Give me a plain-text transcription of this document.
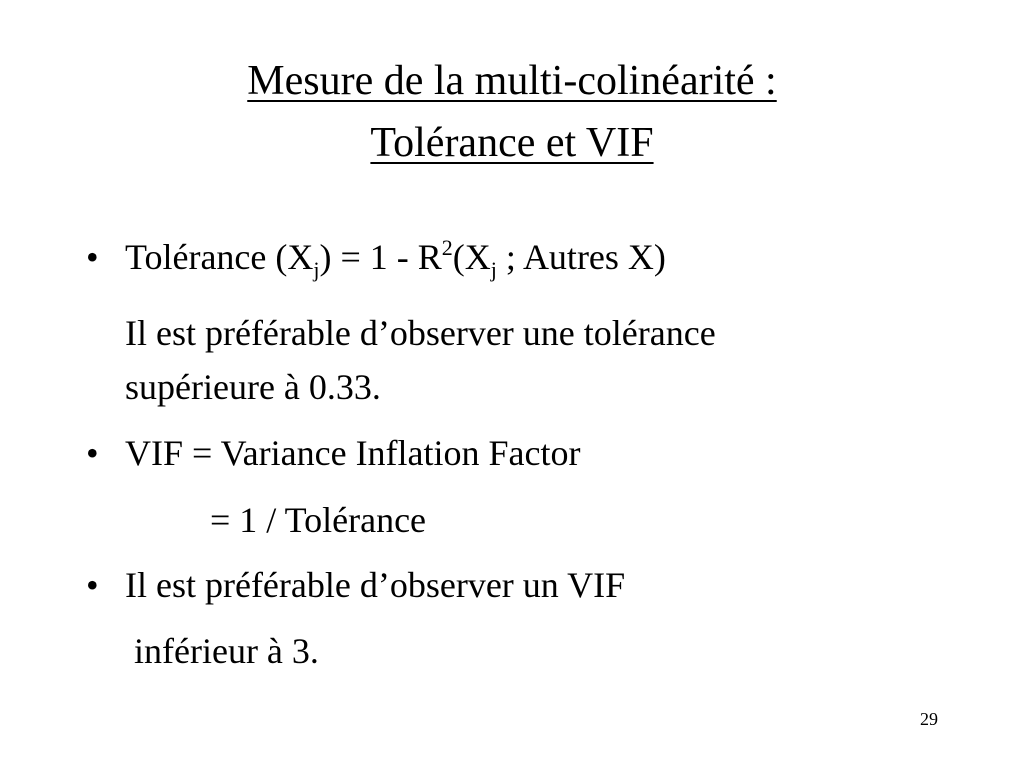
Mesure de la multi-colinéarité :
Tolérance et VIF
• Tolérance $(X_j) = 1 - R^2(X_j$ ; Autres X)
Il est préférable d’observer une tolérance
supérieure à 0.33.
• VIF = Variance Inflation Factor
= 1 / Tolérance
• Il est préférable d’observer un VIF
inférieur à 3.
29
